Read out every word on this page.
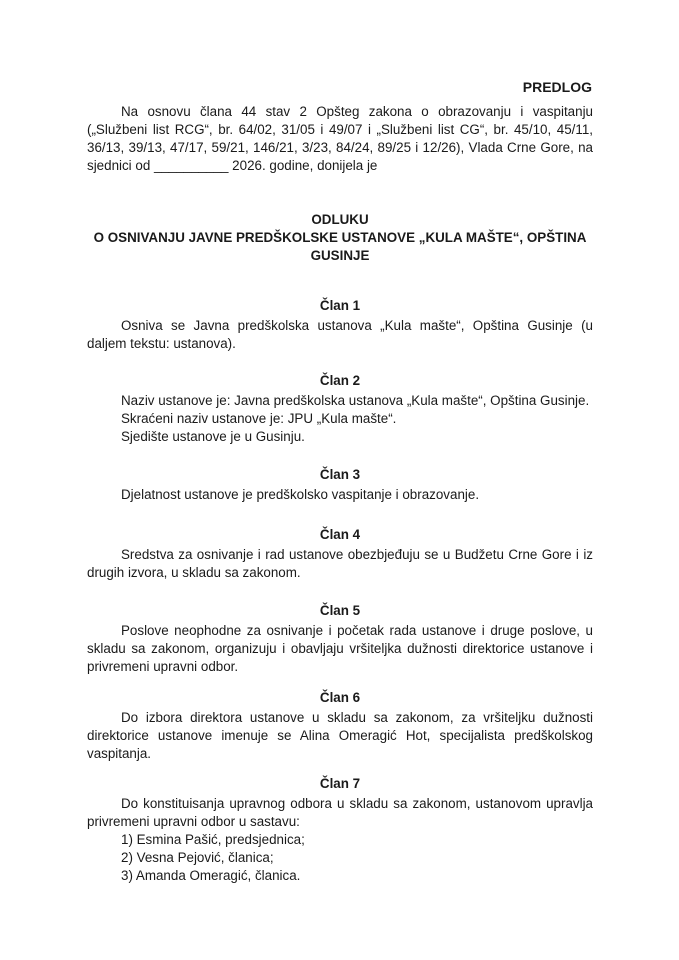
PREDLOG

Na osnovu člana 44 stav 2 Opšteg zakona o obrazovanju i vaspitanju („Službeni list RCG“, br. 64/02, 31/05 i 49/07 i „Službeni list CG“, br. 45/10, 45/11, 36/13, 39/13, 47/17, 59/21, 146/21, 3/23, 84/24, 89/25 i 12/26), Vlada Crne Gore, na sjednici od __________ 2026. godine, donijela je

ODLUKU
O OSNIVANJU JAVNE PREDŠKOLSKE USTANOVE „KULA MAŠTE“, OPŠTINA
GUSINJE
Član 1

Osniva se Javna predškolska ustanova „Kula mašte“, Opština Gusinje (u daljem tekstu: ustanova).

Član 2

Naziv ustanove je: Javna predškolska ustanova „Kula mašte“, Opština Gusinje.

Skraćeni naziv ustanove je: JPU „Kula mašte“.

Sjedište ustanove je u Gusinju.

Član 3

Djelatnost ustanove je predškolsko vaspitanje i obrazovanje.

Član 4

Sredstva za osnivanje i rad ustanove obezbjeđuju se u Budžetu Crne Gore i iz drugih izvora, u skladu sa zakonom.

Član 5

Poslove neophodne za osnivanje i početak rada ustanove i druge poslove, u skladu sa zakonom, organizuju i obavljaju vršiteljka dužnosti direktorice ustanove i privremeni upravni odbor.

Član 6

Do izbora direktora ustanove u skladu sa zakonom, za vršiteljku dužnosti direktorice ustanove imenuje se Alina Omeragić Hot, specijalista predškolskog vaspitanja.

Član 7

Do konstituisanja upravnog odbora u skladu sa zakonom, ustanovom upravlja privremeni upravni odbor u sastavu:

1) Esmina Pašić, predsjednica;

2) Vesna Pejović, članica;

3) Amanda Omeragić, članica.
